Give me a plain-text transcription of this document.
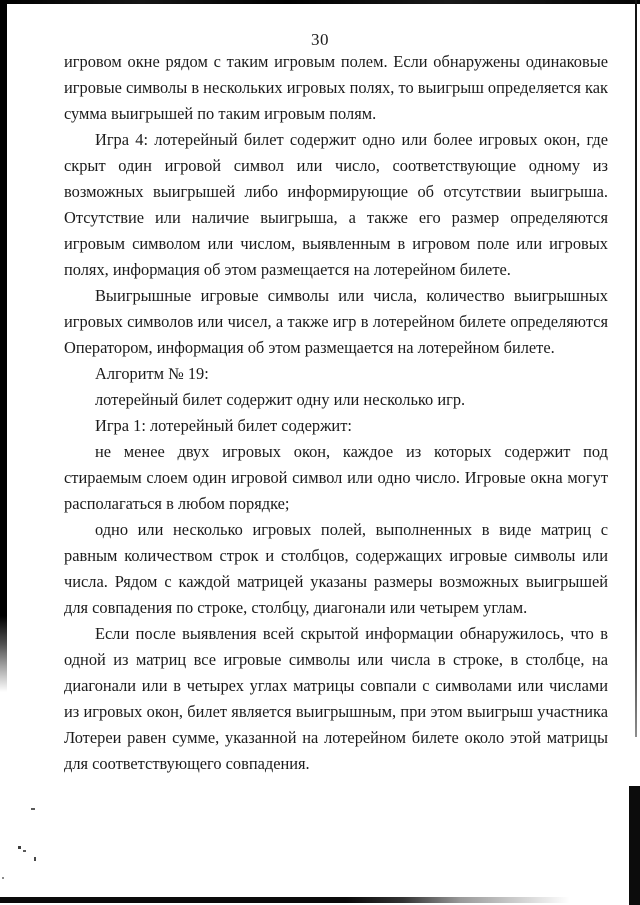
30

игровом окне рядом с таким игровым полем. Если обнаружены одинаковые игровые символы в нескольких игровых полях, то выигрыш определяется как сумма выигрышей по таким игровым полям.

Игра 4: лотерейный билет содержит одно или более игровых окон, где скрыт один игровой символ или число, соответствующие одному из возможных выигрышей либо информирующие об отсутствии выигрыша. Отсутствие или наличие выигрыша, а также его размер определяются игровым символом или числом, выявленным в игровом поле или игровых полях, информация об этом размещается на лотерейном билете.

Выигрышные игровые символы или числа, количество выигрышных игровых символов или чисел, а также игр в лотерейном билете определяются Оператором, информация об этом размещается на лотерейном билете.

Алгоритм № 19:

лотерейный билет содержит одну или несколько игр.

Игра 1: лотерейный билет содержит:

не менее двух игровых окон, каждое из которых содержит под стираемым слоем один игровой символ или одно число. Игровые окна могут располагаться в любом порядке;

одно или несколько игровых полей, выполненных в виде матриц с равным количеством строк и столбцов, содержащих игровые символы или числа. Рядом с каждой матрицей указаны размеры возможных выигрышей для совпадения по строке, столбцу, диагонали или четырем углам.

Если после выявления всей скрытой информации обнаружилось, что в одной из матриц все игровые символы или числа в строке, в столбце, на диагонали или в четырех углах матрицы совпали с символами или числами из игровых окон, билет является выигрышным, при этом выигрыш участника Лотереи равен сумме, указанной на лотерейном билете около этой матрицы для соответствующего совпадения.
